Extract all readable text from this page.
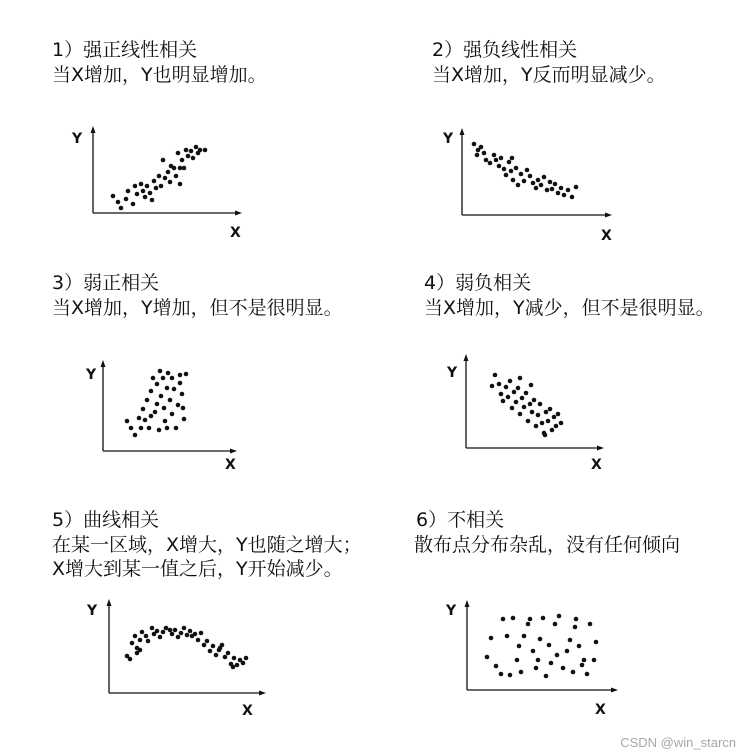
1）强正线性相关
当X增加，Y也明显增加。
Y
X
2）强负线性相关
当X增加，Y反而明显减少。
Y
X
3）弱正相关
当X增加，Y增加，但不是很明显。
Y
X
4）弱负相关
当X增加，Y减少，但不是很明显。
Y
X
5）曲线相关
在某一区域，X增大，Y也随之增大；
X增大到某一值之后，Y开始减少。
Y
X
6）不相关
散布点分布杂乱，没有任何倾向
Y
X
CSDN @win_starcn
